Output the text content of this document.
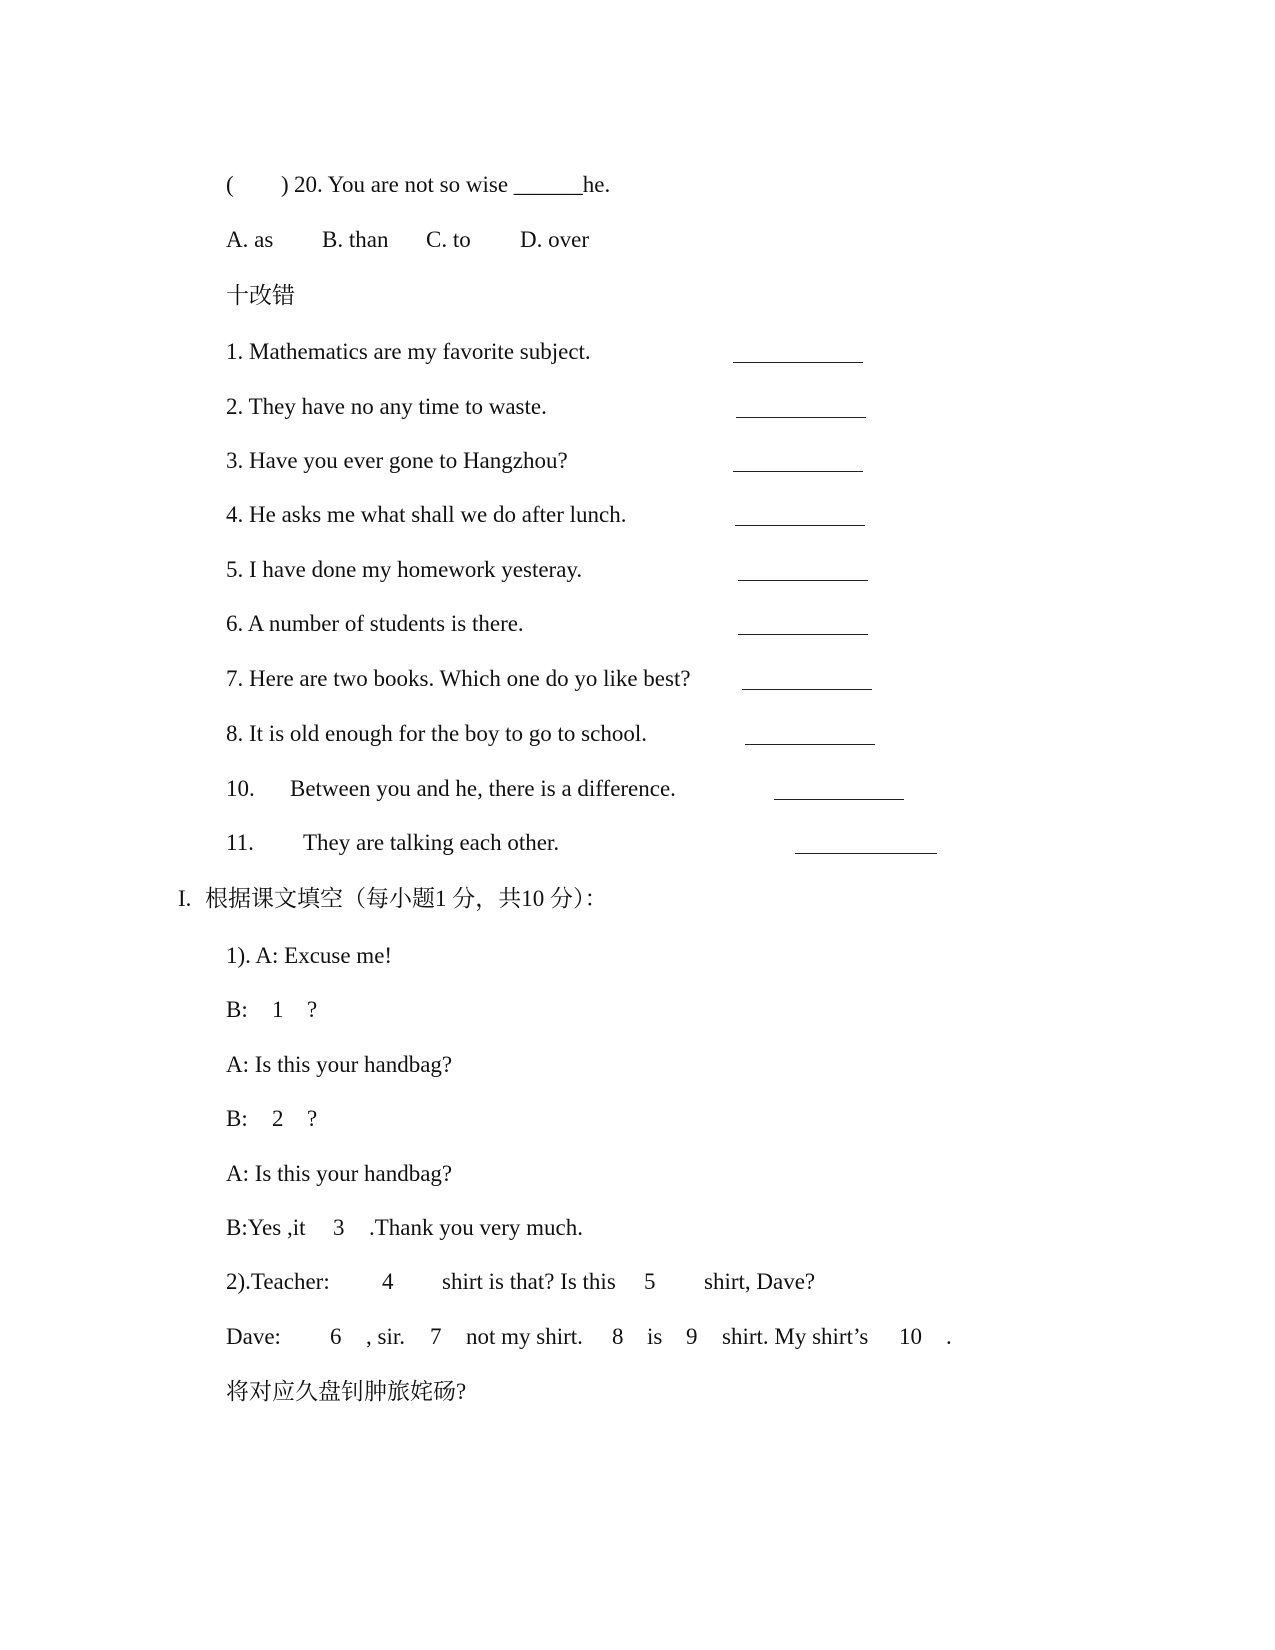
( ) 20. You are not so wise ______he.
A. as B. than C. to D. over
十改错
1. Mathematics are my favorite subject.
2. They have no any time to waste.
3. Have you ever gone to Hangzhou?
4. He asks me what shall we do after lunch.
5. I have done my homework yesteray.
6. A number of students is there.
7. Here are two books. Which one do yo like best?
8. It is old enough for the boy to go to school.
10. Between you and he, there is a difference.
11. They are talking each other.
I. 根据课文填空（每小题1 分，共10 分）：
1). A: Excuse me!
B: 1 ?
A: Is this your handbag?
B: 2 ?
A: Is this your handbag?
B:Yes ,it 3 .Thank you very much.
2).Teacher: 4 shirt is that? Is this 5 shirt, Dave?
Dave: 6 , sir. 7 not my shirt. 8 is 9 shirt. My shirt’s 10 .
将对应久盘钊肿旅姹砀?
